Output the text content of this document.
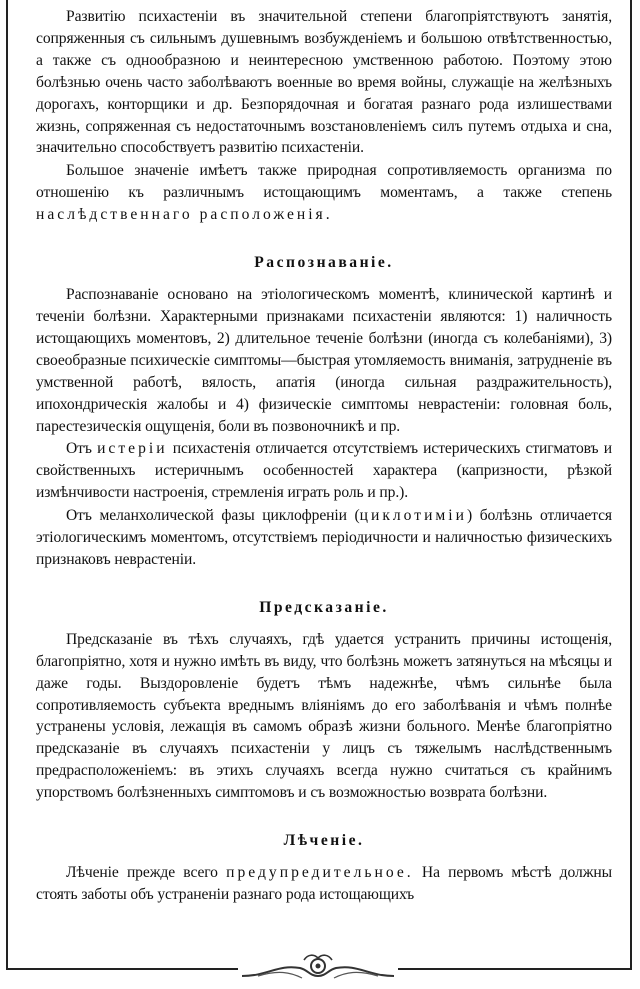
Развитію психастеніи въ значительной степени благопріятствуютъ занятія, сопряженныя съ сильнымъ душевнымъ возбужденіемъ и большою отвѣтственностью, а также съ однообразною и неинтересною умственною работою. Поэтому этою болѣзнью очень часто заболѣваютъ военные во время войны, служащіе на желѣзныхъ дорогахъ, конторщики и др. Безпорядочная и богатая разнаго рода излишествами жизнь, сопряженная съ недостаточнымъ возстановленіемъ силъ путемъ отдыха и сна, значительно способствуетъ развитію психастеніи.

Большое значеніе имѣетъ также природная сопротивляемость организма по отношенію къ различнымъ истощающимъ моментамъ, а также степень наслѣдственнаго расположенія.

Распознаваніе.

Распознаваніе основано на этіологическомъ моментѣ, клинической картинѣ и теченіи болѣзни. Характерными признаками психастеніи являются: 1) наличность истощающихъ моментовъ, 2) длительное теченіе болѣзни (иногда съ колебаніями), 3) своеобразные психическіе симптомы—быстрая утомляемость вниманія, затрудненіе въ умственной работѣ, вялость, апатія (иногда сильная раздражительность), ипохондрическія жалобы и 4) физическіе симптомы неврастеніи: головная боль, парестезическія ощущенія, боли въ позвоночникѣ и пр.

Отъ истеріи психастенія отличается отсутствіемъ истерическихъ стигматовъ и свойственныхъ истеричнымъ особенностей характера (капризности, рѣзкой измѣнчивости настроенія, стремленія играть роль и пр.).

Отъ меланхолической фазы циклофреніи (циклотиміи) болѣзнь отличается этіологическимъ моментомъ, отсутствіемъ періодичности и наличностью физическихъ признаковъ неврастеніи.

Предсказаніе.

Предсказаніе въ тѣхъ случаяхъ, гдѣ удается устранить причины истощенія, благопріятно, хотя и нужно имѣть въ виду, что болѣзнь можетъ затянуться на мѣсяцы и даже годы. Выздоровленіе будетъ тѣмъ надежнѣе, чѣмъ сильнѣе была сопротивляемость субъекта вреднымъ вліяніямъ до его заболѣванія и чѣмъ полнѣе устранены условія, лежащія въ самомъ образѣ жизни больного. Менѣе благопріятно предсказаніе въ случаяхъ психастеніи у лицъ съ тяжелымъ наслѣдственнымъ предрасположеніемъ: въ этихъ случаяхъ всегда нужно считаться съ крайнимъ упорствомъ болѣзненныхъ симптомовъ и съ возможностью возврата болѣзни.

Лѣченіе.

Лѣченіе прежде всего предупредительное. На первомъ мѣстѣ должны стоять заботы объ устраненіи разнаго рода истощающихъ
